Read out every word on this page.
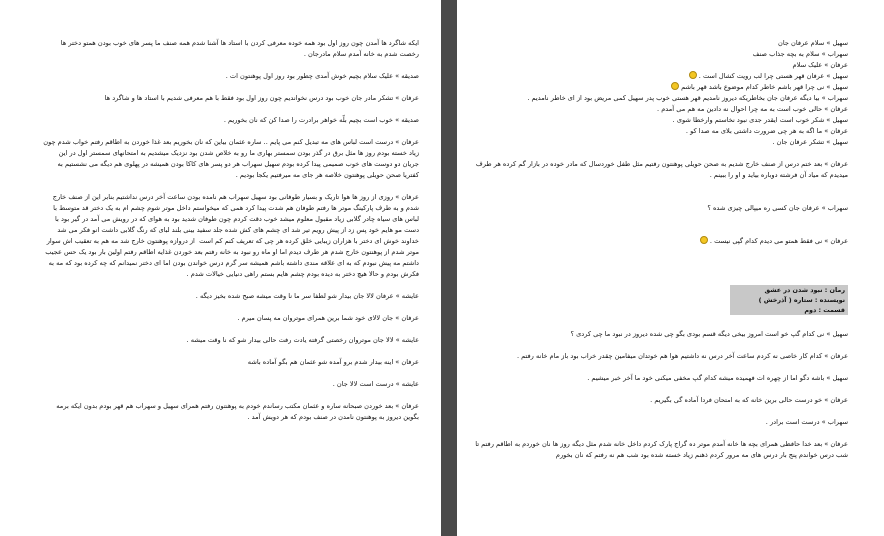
ایکه شاگرد ها آمدن چون روز اول بود همه خوده معرفی کردن با استاد ها آشنا شدم همه صنف ما پسر های خوب بودن همتو دختر ها رخصت شدم به خانه آمدم سلام مادرجان .

صدیقه » علیک سلام بچیم خوش آمدی چطور بود روز اول پوهنتون ات .

عرفان » تشکر مادر جان خوب بود درس نخواندیم چون روز اول بود فقط با هم معرفی شدیم با استاد ها و شاگرد ها

صدیقه » خوب است بچیم بلّه خواهر برادرت را صدا کن که نان بخوریم .

عرفان » درست است لباس های مه تبدیل کنم می پایم .. ساره عثمان بیاین که نان بخوریم بعد غذا خوردن به اطاقم رفتم خواب شدم چون زیاد خسته بودم روز ها مثل برق در گذر بودن سمستر بهاری ما رو به خلاص شدن بود نزدیک میشدیم به امتحانهای سمستر اول در این جریان دو دوست های خوب صمیمی پیدا کرده بودم سهیل سهراب هر دو پسر های کاکا بودن همیشه در پهلوی هم دیگه می نشستیم به کفتریا صحن حویلی پوهنتون خلاصه هر جای مه میرفتیم یکجا بودیم .

عرفان » روزی از روز ها هوا تاریک و بسیار طوفانی بود سهیل سهراب هم نامده بودن ساعت آخر درس نداشتیم بنابر این از صنف خارج شدم و به طرف پارکینگ موتر ها رفتم طوفان هم شدت پیدا کرد همی که میخواستم داخل موتر شوم چشم ام به یک دختر قد متوسط با لباس های سیاه چادر گلابی زیاد مقبول معلوم میشد خوب دقت کردم چون طوفان شدید بود به هوای که در رویش می آمد در گیر بود با دست مو هایم خود پس زد از پیش رویم تیر شد ای چشم های کش شده جلد سفید بینی بلند لبای که رنگ گلابی داشت انو فکر می شد خداوند خوش ای دختر با هزاران زیبایی خلق کرده هر چی که تعریف کنم کم است  از دروازه پوهنتون خارج شد مه هم به تعقیب اش سوار موتر شدم از پوهنتون خارج شدم هر طرف دیدم اما او ماه رو نبود به خانه رفتم بعد خوردن غذایه اطاقم رفتم اولین بار بود یک حس عجیب داشتم مه پیش نبودم که به ای علاقه مندی داشته باشم همیشه سر گرم درس خواندن بودن اما ای دختر نمیدانم که چه کرده بود که مه به فکرش بودم و حالا هیچ دختر به دیده بودم چشم هایم بستم راهی دنیایی خیالات شدم .

عایشه » عرفان لالا جان بیدار شو لطفا سر ما نا وقت میشه صبح شده بخیز دیگه .

عرفان » جان لالای خود شما برین همرای موتروان مه پسان میرم .

عایشه » لالا جان موتروان رخصتی گرفته یادت رفت حالی بیدار شو که نا وقت میشه .

عرفان » اینه بیدار شدم برو آمده شو عثمان هم بگو آماده باشه

عایشه » درست است لالا جان .

عرفان » بعد خوردن صبحانه ساره و عثمان مکتب رساندم خودم به پوهنتون رفتم همرای سهیل و سهراب هم قهر بودم بدون ایکه برمه بگوین دیروز به پوهنتون نامدن در صنف بودم که هر دویش آمد .

سهیل » سلام عرفان جان

سهراب » سلام به بچه جذاب صنف

عرفان » علیک سلام

سهیل » عرفان قهر هستی چرا لب رویت کشال است .

سهیل » نی چرا قهر باشم خاطر کدام موضوع باشد قهر باشم

سهراب » بیا دیگه عرفان جان بخاطریکه دیروز نامدیم قهر هستی خوب پدر سهیل کمی مریض بود از ای خاطر نامدیم .

عرفان » حالی خوب است به مه چرا احوال نه دادین مه هم می آمدم .

سهیل » شکر خوب است ایقدر جدی نبود نخاستم وارخطا شوی .

عرفان » ما اگه به هر چی ضرورت داشتی بلای مه صدا کو .

سهیل » تشکر عرفان جان .

عرفان » بعد ختم درس از صنف خارج شدیم به صحن حویلی پوهنتون رفتیم مثل طفل خوردسال که مادر خوده در بازار گم کرده هر طرف میدیدم که میاد آن فرشته دوباره بیاید و او را ببینم .

سهراب » عرفان جان کسی ره میپالی چیزی شده ؟

عرفان » نی فقط همتو می دیدم کدام گپی نیست .

رمان : نبود شدن در عشق
نویسنده : ستاره ( آذرخش )
قسمت : دوم

سهیل » نی کدام گپ خو است امروز بیخی دیگه قسم بودی بگو چی شده دیروز در نبود ما چی کردی ؟

عرفان » کدام کار خاصی نه کردم ساعت آخر درس نه داشتیم هوا هم خوتدان میفامین چقدر خراب بود باز مام خانه رفتم .

سهیل » باشه دگو اما از چهره ات فهمیده میشه کدام گپ مخفی میکنی خود ما آخر خبر میشیم .

عرفان » خو درست حالی برین خانه که به امتحان فردا آماده گی بگیریم .

سهراب » درست است برادر .

عرفان » بعد خدا حافظی همرای بچه ها خانه آمدم موتر ده گراج پارک کردم داخل خانه شدم مثل دیگه روز ها نان خوردم به اطاقم رفتم تا شب درس خواندم پنج بار درس های مه مرور کردم ذهنم زیاد خسته شده بود شب هم نه رفتم که نان بخورم
